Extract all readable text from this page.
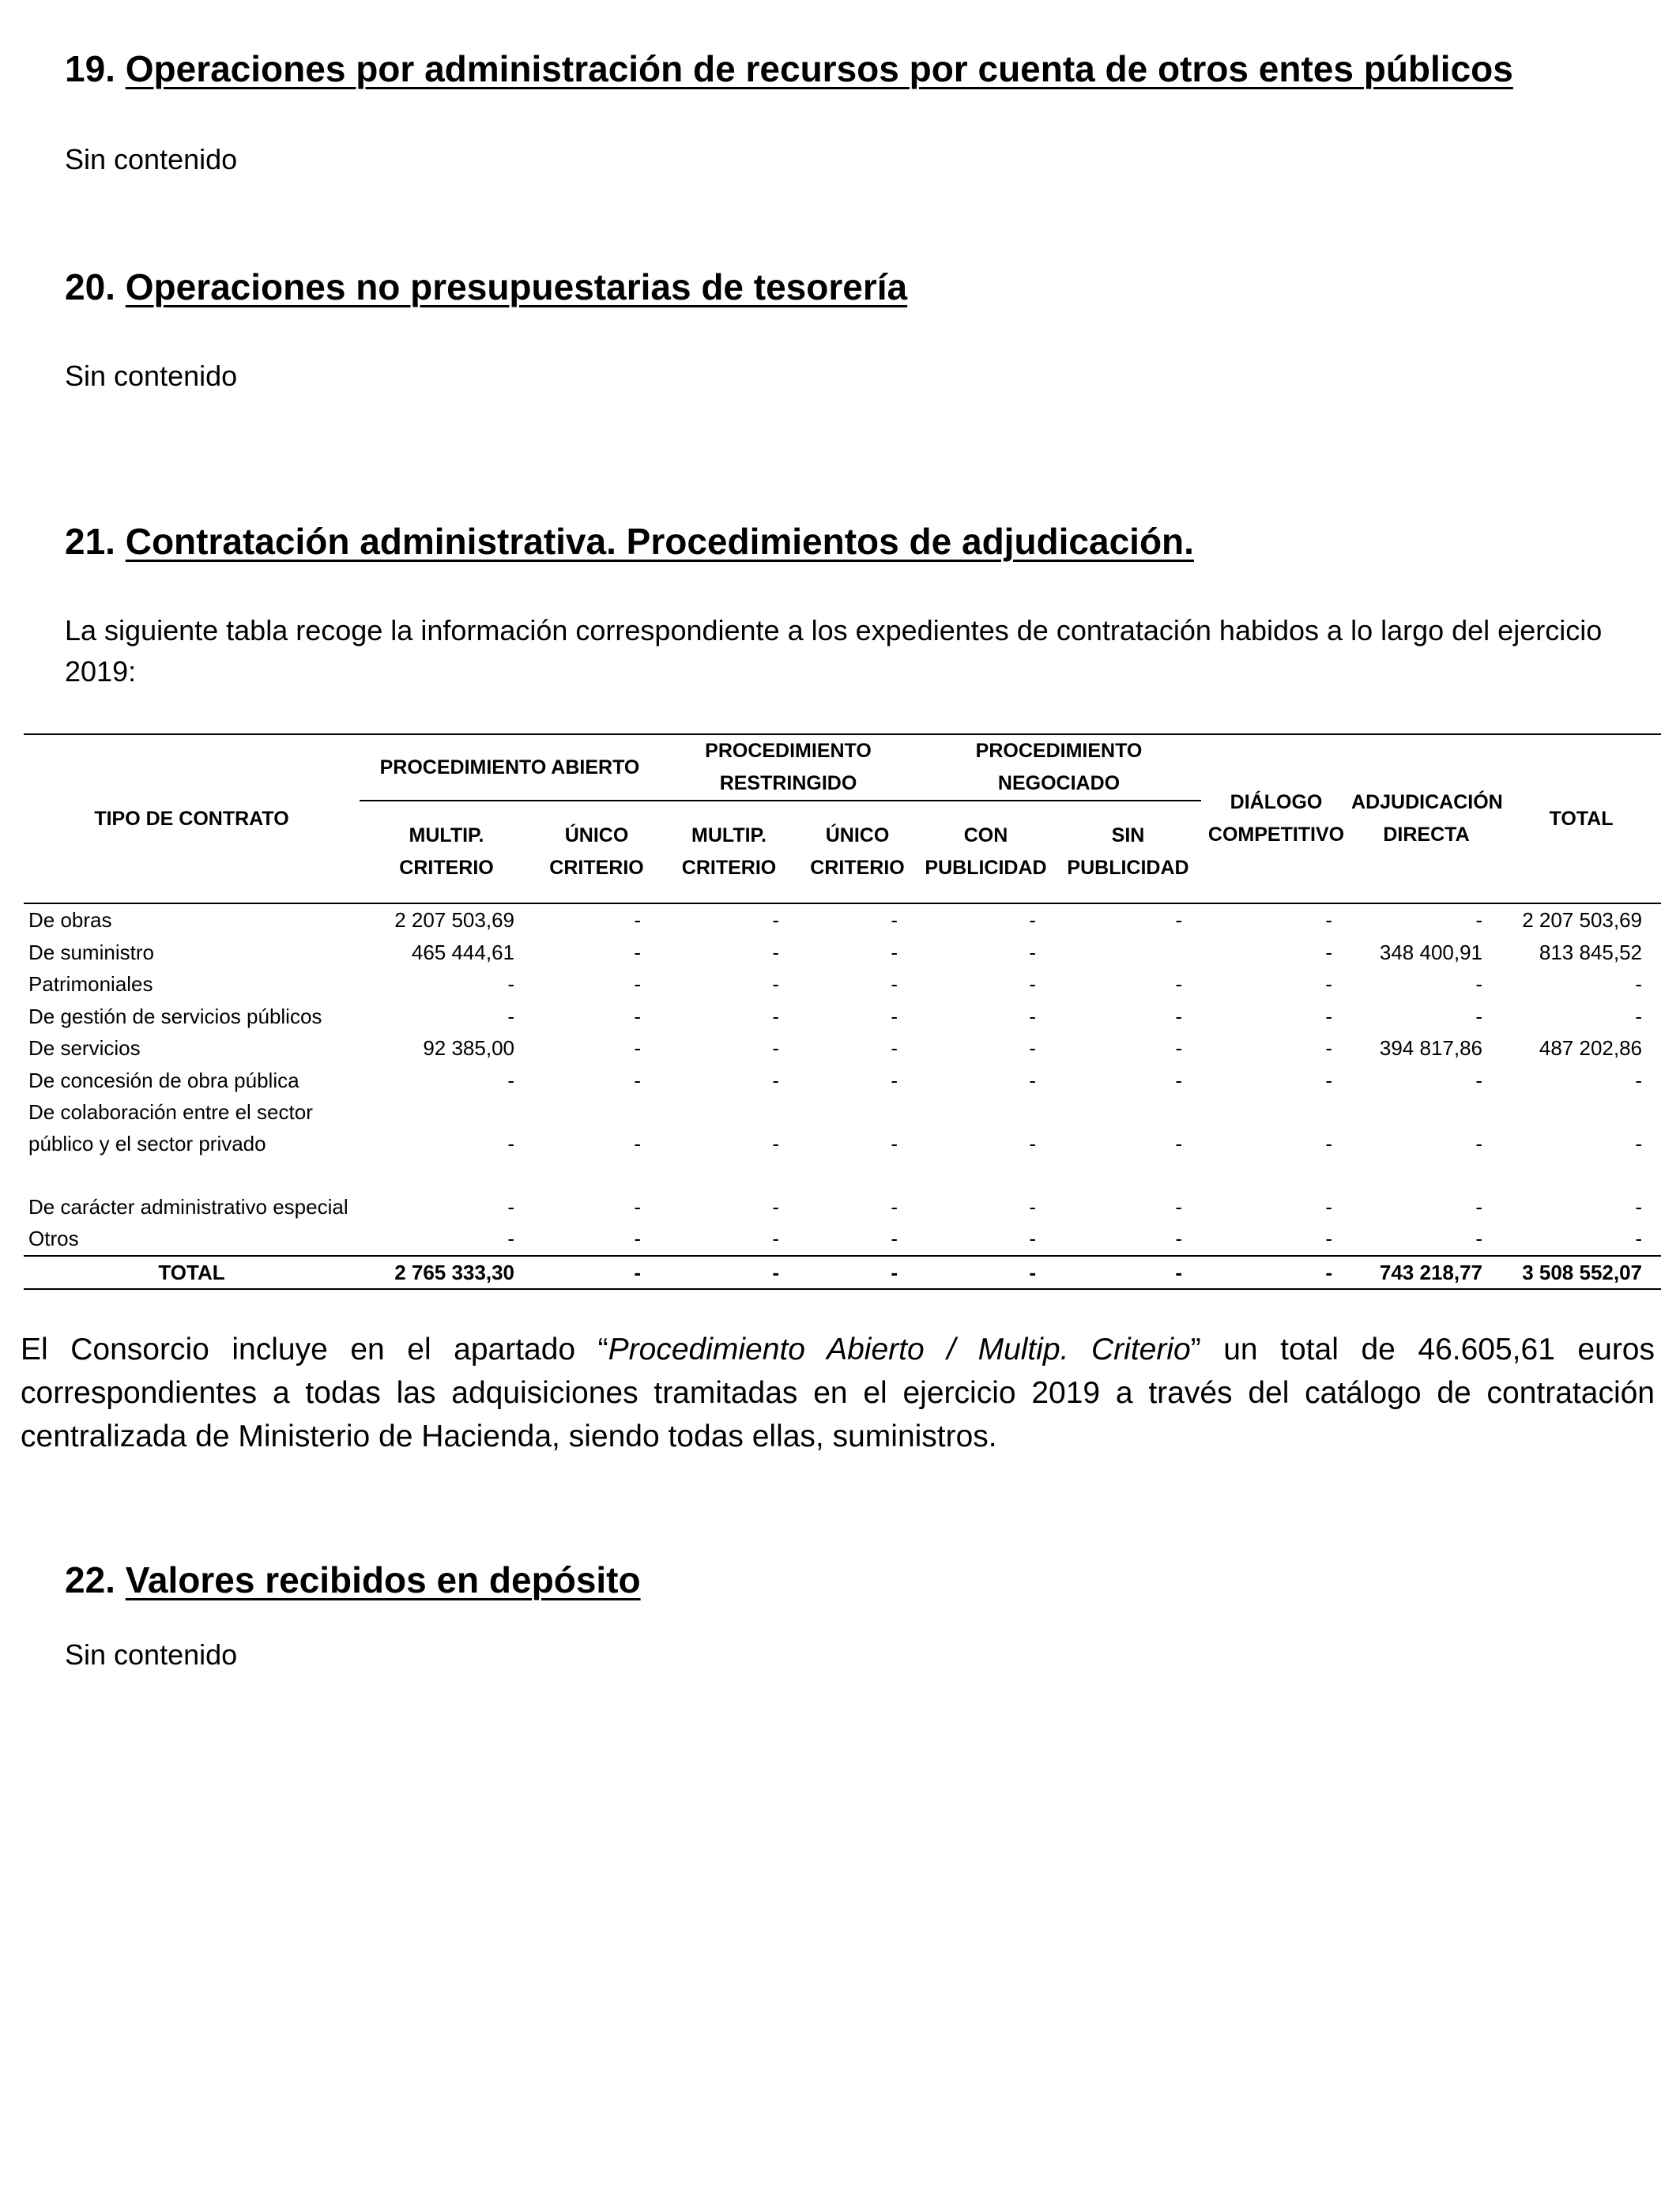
19. Operaciones por administración de recursos por cuenta de otros entes públicos

Sin contenido

20. Operaciones no presupuestarias de tesorería

Sin contenido

21. Contratación administrativa. Procedimientos de adjudicación.

La siguiente tabla recoge la información correspondiente a los expedientes de contratación habidos a lo largo del ejercicio 2019:

TIPO DE CONTRATO	PROCEDIMIENTO ABIERTO		PROCEDIMIENTO RESTRINGIDO		PROCEDIMIENTO NEGOCIADO		DIÁLOGO COMPETITIVO	ADJUDICACIÓN DIRECTA	TOTAL
	MULTIP. CRITERIO	ÚNICO CRITERIO	MULTIP. CRITERIO	ÚNICO CRITERIO	CON PUBLICIDAD	SIN PUBLICIDAD			
De obras	2 207 503,69	-	-	-	-	-	-	-	2 207 503,69
De suministro	465 444,61	-	-	-	-		-	348 400,91	813 845,52
Patrimoniales	-	-	-	-	-	-	-	-	-
De gestión de servicios públicos	-	-	-	-	-	-	-	-	-
De servicios	92 385,00	-	-	-	-	-	-	394 817,86	487 202,86
De concesión de obra pública	-	-	-	-	-	-	-	-	-
De colaboración entre el sector público y el sector privado	-	-	-	-	-	-	-	-	-
De carácter administrativo especial	-	-	-	-	-	-	-	-	-
Otros	-	-	-	-	-	-	-	-	-
TOTAL	2 765 333,30	-	-	-	-	-	-	743 218,77	3 508 552,07

El Consorcio incluye en el apartado “Procedimiento Abierto / Multip. Criterio” un total de 46.605,61 euros correspondientes a todas las adquisiciones tramitadas en el ejercicio 2019 a través del catálogo de contratación centralizada de Ministerio de Hacienda, siendo todas ellas, suministros.

22. Valores recibidos en depósito

Sin contenido
